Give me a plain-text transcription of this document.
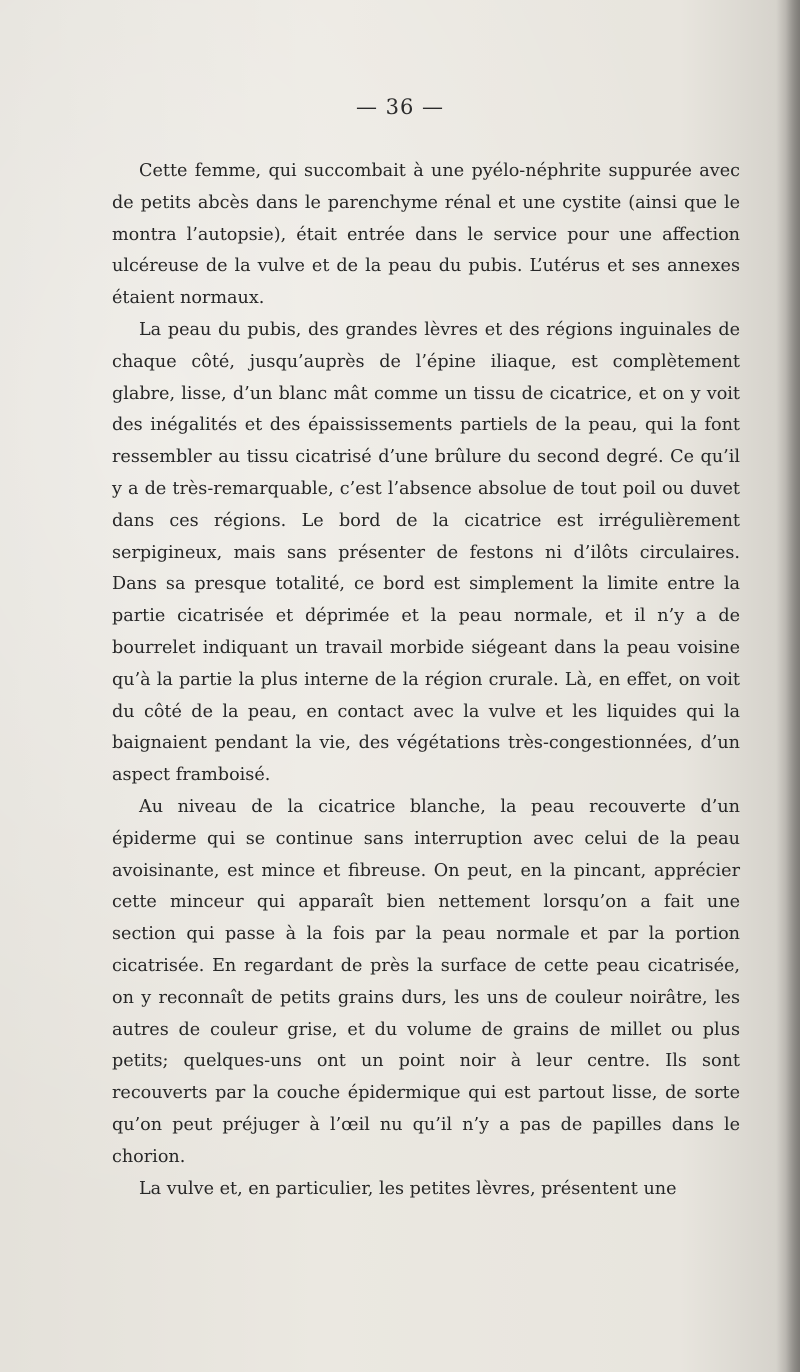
— 36 —

Cette femme, qui succombait à une pyélo-néphrite suppurée avec de petits abcès dans le parenchyme rénal et une cystite (ainsi que le montra l’autopsie), était entrée dans le service pour une affection ulcéreuse de la vulve et de la peau du pubis. L’utérus et ses annexes étaient normaux.

La peau du pubis, des grandes lèvres et des régions inguinales de chaque côté, jusqu’auprès de l’épine iliaque, est complètement glabre, lisse, d’un blanc mât comme un tissu de cicatrice, et on y voit des inégalités et des épaississements partiels de la peau, qui la font ressembler au tissu cicatrisé d’une brûlure du second degré. Ce qu’il y a de très-remarquable, c’est l’absence absolue de tout poil ou duvet dans ces régions. Le bord de la cicatrice est irrégulièrement serpigineux, mais sans présenter de festons ni d’ilôts circulaires. Dans sa presque totalité, ce bord est simplement la limite entre la partie cicatrisée et déprimée et la peau normale, et il n’y a de bourrelet indiquant un travail morbide siégeant dans la peau voisine qu’à la partie la plus interne de la région crurale. Là, en effet, on voit du côté de la peau, en contact avec la vulve et les liquides qui la baignaient pendant la vie, des végétations très-congestionnées, d’un aspect framboisé.

Au niveau de la cicatrice blanche, la peau recouverte d’un épiderme qui se continue sans interruption avec celui de la peau avoisinante, est mince et fibreuse. On peut, en la pincant, apprécier cette minceur qui apparaît bien nettement lorsqu’on a fait une section qui passe à la fois par la peau normale et par la portion cicatrisée. En regardant de près la surface de cette peau cicatrisée, on y reconnaît de petits grains durs, les uns de couleur noirâtre, les autres de couleur grise, et du volume de grains de millet ou plus petits; quelques-uns ont un point noir à leur centre. Ils sont recouverts par la couche épidermique qui est partout lisse, de sorte qu’on peut préjuger à l’œil nu qu’il n’y a pas de papilles dans le chorion.

La vulve et, en particulier, les petites lèvres, présentent une
